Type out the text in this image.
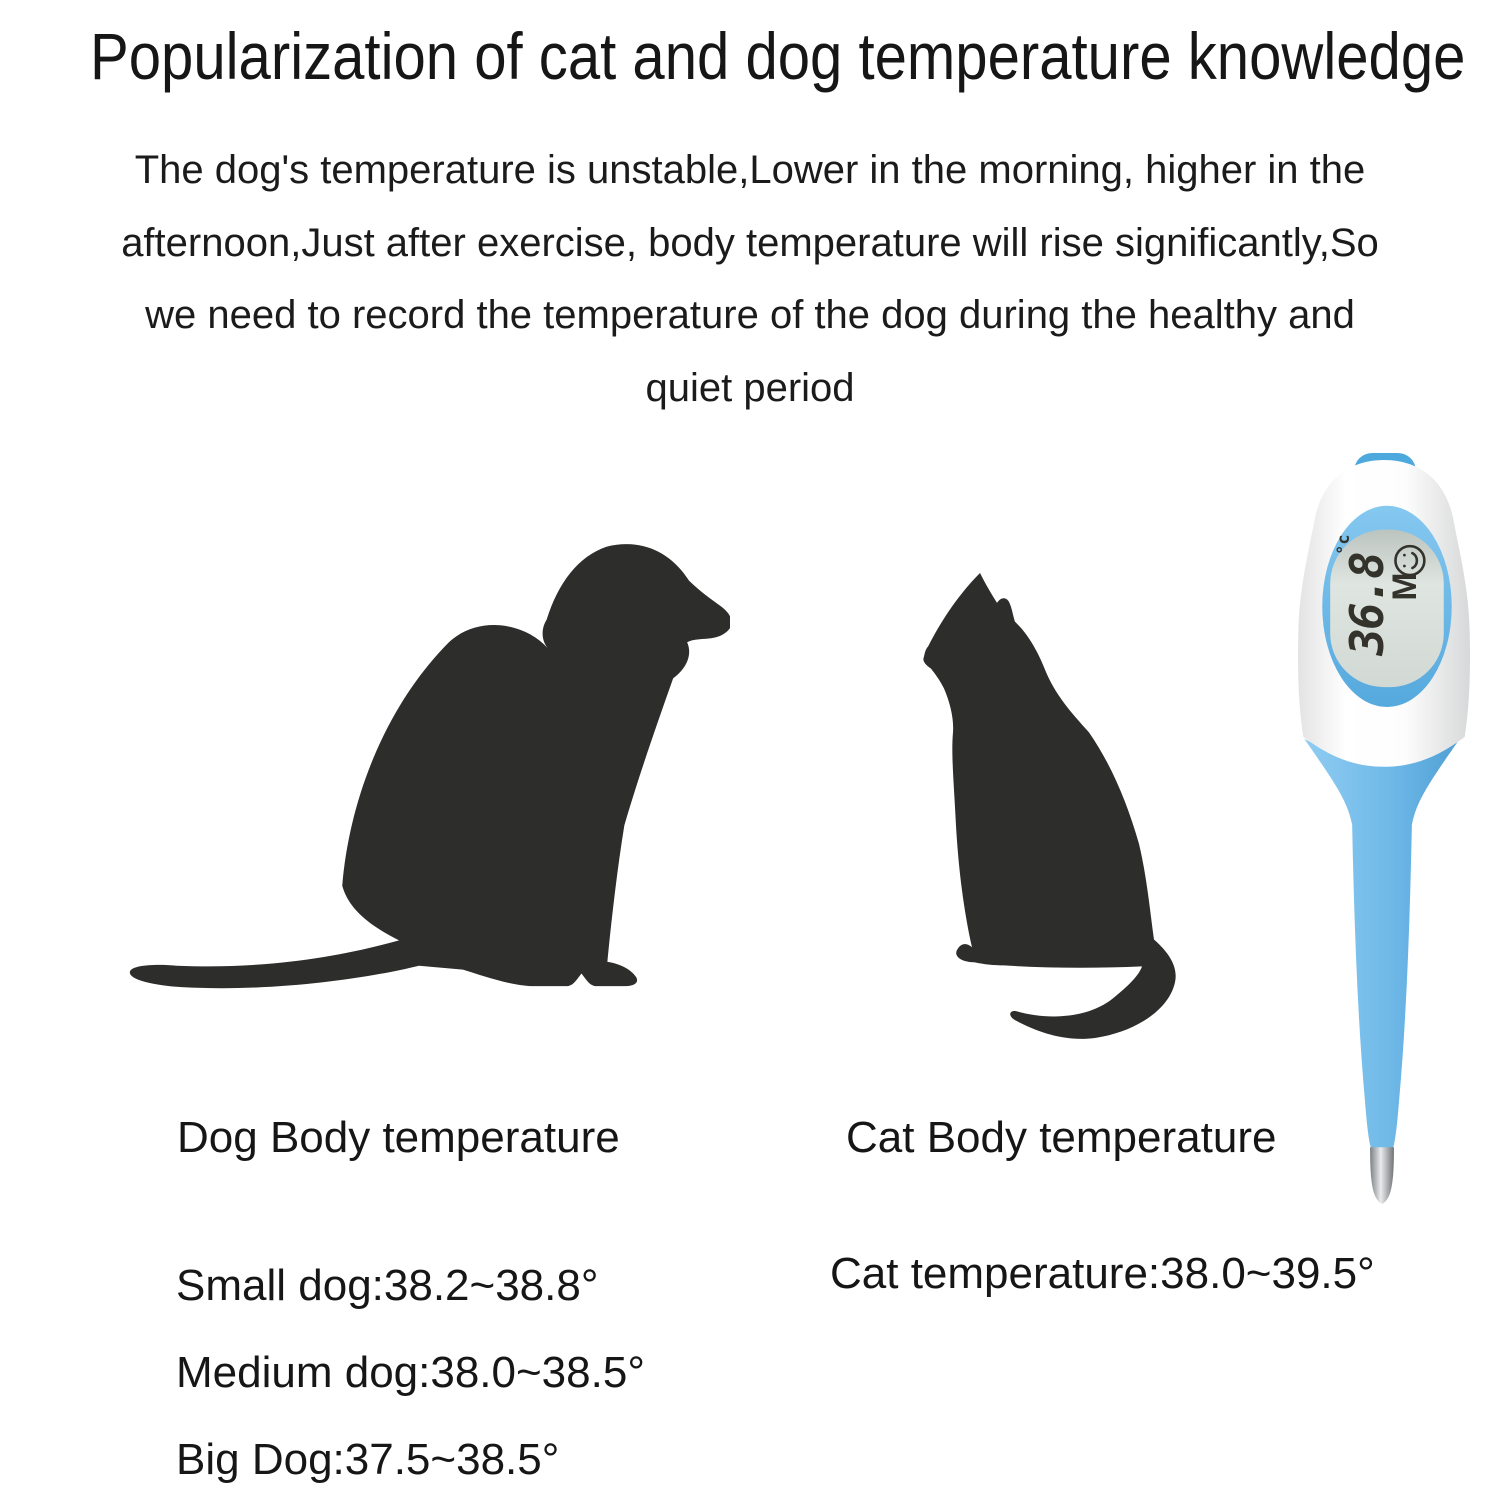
Popularization of cat and dog temperature knowledge
The dog's temperature is unstable,Lower in the morning, higher in the
afternoon,Just after exercise, body temperature will rise significantly,So
we need to record the temperature of the dog during the healthy and
quiet period
36.8
°c
M
Dog Body temperature	Cat Body temperature
Cat temperature:38.0~39.5°
Small dog:38.2~38.8°
Medium dog:38.0~38.5°
Big Dog:37.5~38.5°
